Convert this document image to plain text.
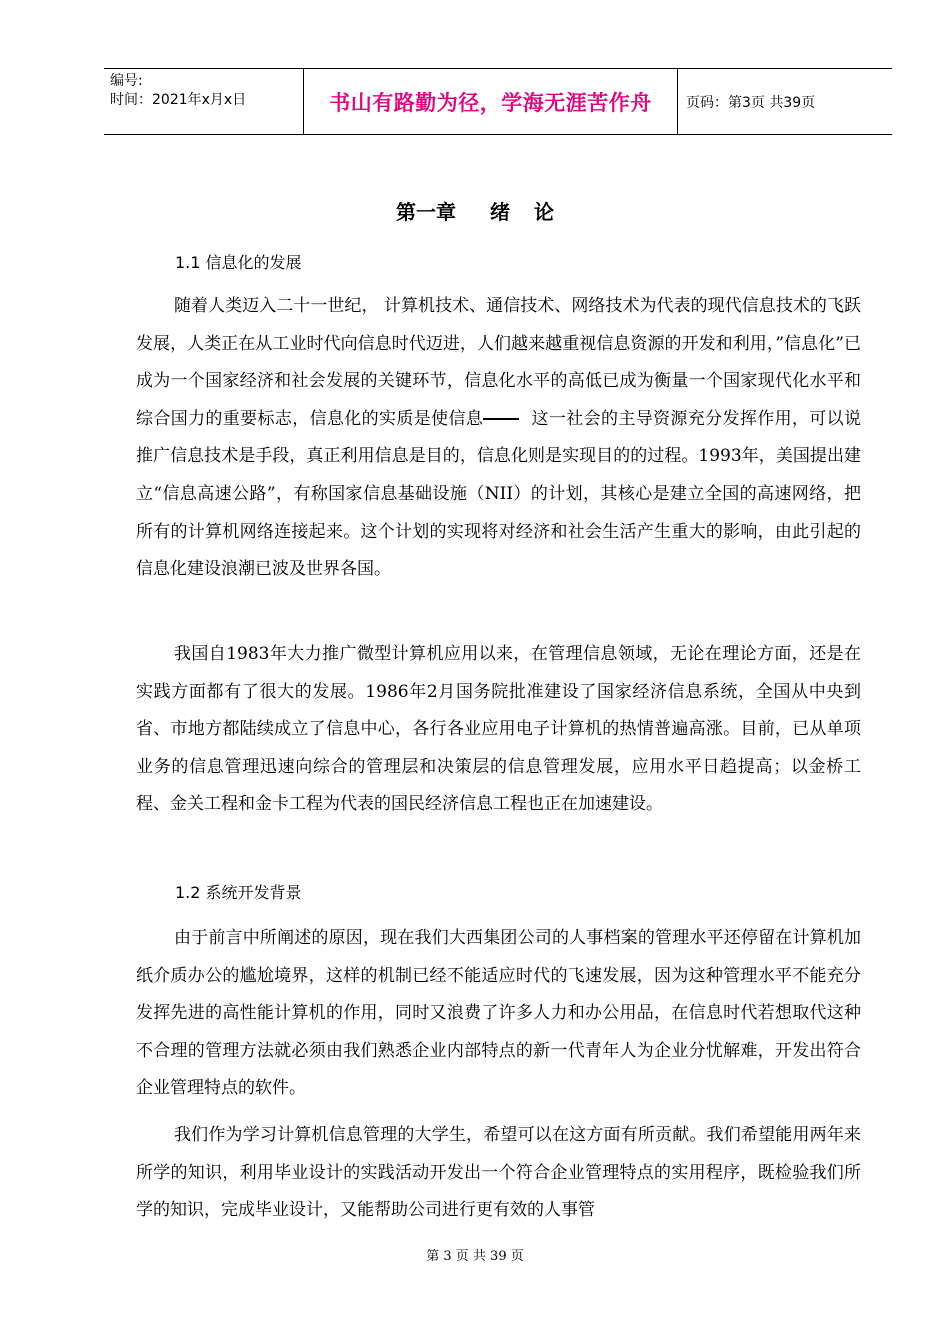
编号:
时间：2021年x月x日	书山有路勤为径，学海无涯苦作舟	页码：第3页 共39页
第一章 绪 论
1.1 信息化的发展

随着人类迈入二十一世纪， 计算机技术、通信技术、网络技术为代表的现代信息技术的飞跃发展，人类正在从工业时代向信息时代迈进，人们越来越重视信息资源的开发和利用，”信息化”已成为一个国家经济和社会发展的关键环节，信息化水平的高低已成为衡量一个国家现代化水平和综合国力的重要标志，信息化的实质是使信息	这一社会的主导资源充分发挥作用，可以说推广信息技术是手段，真正利用信息是目的，信息化则是实现目的的过程。1993年，美国提出建立“信息高速公路”，有称国家信息基础设施（NII）的计划，其核心是建立全国的高速网络，把所有的计算机网络连接起来。这个计划的实现将对经济和社会生活产生重大的影响，由此引起的信息化建设浪潮已波及世界各国。

我国自1983年大力推广微型计算机应用以来，在管理信息领域，无论在理论方面，还是在实践方面都有了很大的发展。1986年2月国务院批准建设了国家经济信息系统，全国从中央到省、市地方都陆续成立了信息中心，各行各业应用电子计算机的热情普遍高涨。目前，已从单项业务的信息管理迅速向综合的管理层和决策层的信息管理发展，应用水平日趋提高；以金桥工程、金关工程和金卡工程为代表的国民经济信息工程也正在加速建设。

1.2 系统开发背景

由于前言中所阐述的原因，现在我们大西集团公司的人事档案的管理水平还停留在计算机加纸介质办公的尴尬境界，这样的机制已经不能适应时代的飞速发展，因为这种管理水平不能充分发挥先进的高性能计算机的作用，同时又浪费了许多人力和办公用品，在信息时代若想取代这种不合理的管理方法就必须由我们熟悉企业内部特点的新一代青年人为企业分忧解难，开发出符合企业管理特点的软件。

我们作为学习计算机信息管理的大学生，希望可以在这方面有所贡献。我们希望能用两年来所学的知识，利用毕业设计的实践活动开发出一个符合企业管理特点的实用程序，既检验我们所学的知识，完成毕业设计，又能帮助公司进行更有效的人事管

第 3 页 共 39 页
